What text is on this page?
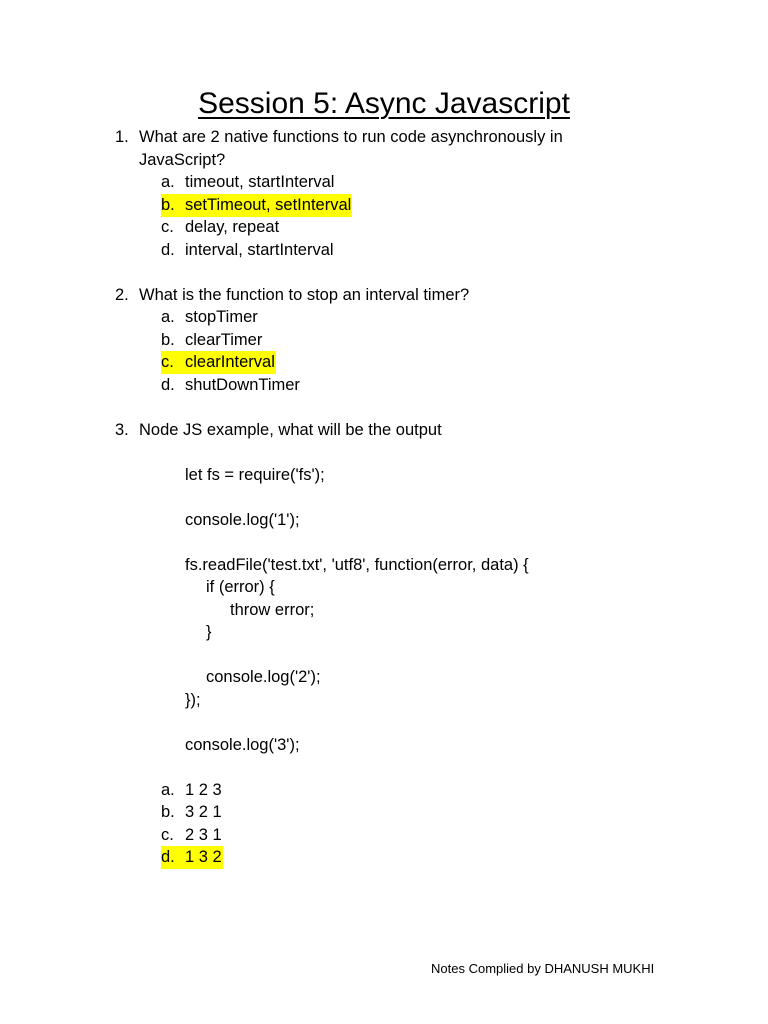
Session 5: Async Javascript
1. What are 2 native functions to run code asynchronously in JavaScript?
a. timeout, startInterval
b. setTimeout, setInterval
c. delay, repeat
d. interval, startInterval
2. What is the function to stop an interval timer?
a. stopTimer
b. clearTimer
c. clearInterval
d. shutDownTimer
3. Node JS example, what will be the output
let fs = require('fs');
console.log('1');
fs.readFile('test.txt', 'utf8', function(error, data) {
if (error) {
throw error;
}
console.log('2');
});
console.log('3');
a. 1 2 3
b. 3 2 1
c. 2 3 1
d. 1 3 2
Notes Complied by DHANUSH MUKHI
